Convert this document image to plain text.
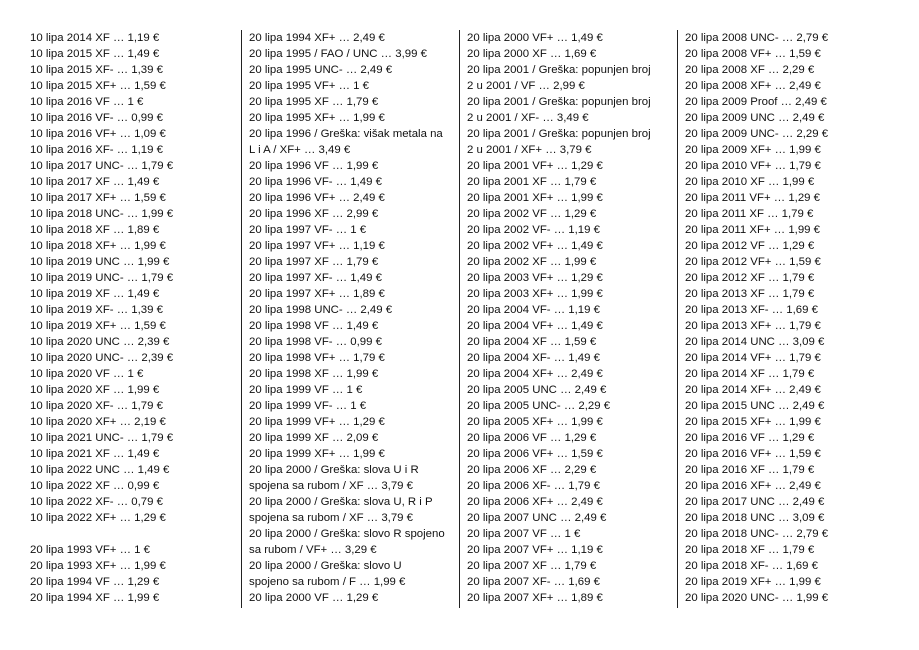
10 lipa 2014 XF … 1,19 €
10 lipa 2015 XF … 1,49 €
10 lipa 2015 XF- … 1,39 €
10 lipa 2015 XF+ … 1,59 €
10 lipa 2016 VF … 1 €
10 lipa 2016 VF- … 0,99 €
10 lipa 2016 VF+ … 1,09 €
10 lipa 2016 XF- … 1,19 €
10 lipa 2017 UNC- … 1,79 €
10 lipa 2017 XF … 1,49 €
10 lipa 2017 XF+ … 1,59 €
10 lipa 2018 UNC- … 1,99 €
10 lipa 2018 XF … 1,89 €
10 lipa 2018 XF+ … 1,99 €
10 lipa 2019 UNC … 1,99 €
10 lipa 2019 UNC- … 1,79 €
10 lipa 2019 XF … 1,49 €
10 lipa 2019 XF- … 1,39 €
10 lipa 2019 XF+ … 1,59 €
10 lipa 2020 UNC … 2,39 €
10 lipa 2020 UNC- … 2,39 €
10 lipa 2020 VF … 1 €
10 lipa 2020 XF … 1,99 €
10 lipa 2020 XF- … 1,79 €
10 lipa 2020 XF+ … 2,19 €
10 lipa 2021 UNC- … 1,79 €
10 lipa 2021 XF … 1,49 €
10 lipa 2022 UNC … 1,49 €
10 lipa 2022 XF … 0,99 €
10 lipa 2022 XF- … 0,79 €
10 lipa 2022 XF+ … 1,29 €
20 lipa 1993 VF+ … 1 €
20 lipa 1993 XF+ … 1,99 €
20 lipa 1994 VF … 1,29 €
20 lipa 1994 XF … 1,99 €
20 lipa 1994 XF+ … 2,49 €
20 lipa 1995 / FAO / UNC … 3,99 €
20 lipa 1995 UNC- … 2,49 €
20 lipa 1995 VF+ … 1 €
20 lipa 1995 XF … 1,79 €
20 lipa 1995 XF+ … 1,99 €
20 lipa 1996 / Greška: višak metala na
L i A / XF+ … 3,49 €
20 lipa 1996 VF … 1,99 €
20 lipa 1996 VF- … 1,49 €
20 lipa 1996 VF+ … 2,49 €
20 lipa 1996 XF … 2,99 €
20 lipa 1997 VF- … 1 €
20 lipa 1997 VF+ … 1,19 €
20 lipa 1997 XF … 1,79 €
20 lipa 1997 XF- … 1,49 €
20 lipa 1997 XF+ … 1,89 €
20 lipa 1998 UNC- … 2,49 €
20 lipa 1998 VF … 1,49 €
20 lipa 1998 VF- … 0,99 €
20 lipa 1998 VF+ … 1,79 €
20 lipa 1998 XF … 1,99 €
20 lipa 1999 VF … 1 €
20 lipa 1999 VF- … 1 €
20 lipa 1999 VF+ … 1,29 €
20 lipa 1999 XF … 2,09 €
20 lipa 1999 XF+ … 1,99 €
20 lipa 2000 / Greška: slova U i R
spojena sa rubom / XF … 3,79 €
20 lipa 2000 / Greška: slova U, R i P
spojena sa rubom / XF … 3,79 €
20 lipa 2000 / Greška: slovo R spojeno
sa rubom / VF+ … 3,29 €
20 lipa 2000 / Greška: slovo U
spojeno sa rubom / F … 1,99 €
20 lipa 2000 VF … 1,29 €
20 lipa 2000 VF+ … 1,49 €
20 lipa 2000 XF … 1,69 €
20 lipa 2001 / Greška: popunjen broj
2 u 2001 / VF … 2,99 €
20 lipa 2001 / Greška: popunjen broj
2 u 2001 / XF- … 3,49 €
20 lipa 2001 / Greška: popunjen broj
2 u 2001 / XF+ … 3,79 €
20 lipa 2001 VF+ … 1,29 €
20 lipa 2001 XF … 1,79 €
20 lipa 2001 XF+ … 1,99 €
20 lipa 2002 VF … 1,29 €
20 lipa 2002 VF- … 1,19 €
20 lipa 2002 VF+ … 1,49 €
20 lipa 2002 XF … 1,99 €
20 lipa 2003 VF+ … 1,29 €
20 lipa 2003 XF+ … 1,99 €
20 lipa 2004 VF- … 1,19 €
20 lipa 2004 VF+ … 1,49 €
20 lipa 2004 XF … 1,59 €
20 lipa 2004 XF- … 1,49 €
20 lipa 2004 XF+ … 2,49 €
20 lipa 2005 UNC … 2,49 €
20 lipa 2005 UNC- … 2,29 €
20 lipa 2005 XF+ … 1,99 €
20 lipa 2006 VF … 1,29 €
20 lipa 2006 VF+ … 1,59 €
20 lipa 2006 XF … 2,29 €
20 lipa 2006 XF- … 1,79 €
20 lipa 2006 XF+ … 2,49 €
20 lipa 2007 UNC … 2,49 €
20 lipa 2007 VF … 1 €
20 lipa 2007 VF+ … 1,19 €
20 lipa 2007 XF … 1,79 €
20 lipa 2007 XF- … 1,69 €
20 lipa 2007 XF+ … 1,89 €
20 lipa 2008 UNC- … 2,79 €
20 lipa 2008 VF+ … 1,59 €
20 lipa 2008 XF … 2,29 €
20 lipa 2008 XF+ … 2,49 €
20 lipa 2009 Proof … 2,49 €
20 lipa 2009 UNC … 2,49 €
20 lipa 2009 UNC- … 2,29 €
20 lipa 2009 XF+ … 1,99 €
20 lipa 2010 VF+ … 1,79 €
20 lipa 2010 XF … 1,99 €
20 lipa 2011 VF+ … 1,29 €
20 lipa 2011 XF … 1,79 €
20 lipa 2011 XF+ … 1,99 €
20 lipa 2012 VF … 1,29 €
20 lipa 2012 VF+ … 1,59 €
20 lipa 2012 XF … 1,79 €
20 lipa 2013 XF … 1,79 €
20 lipa 2013 XF- … 1,69 €
20 lipa 2013 XF+ … 1,79 €
20 lipa 2014 UNC … 3,09 €
20 lipa 2014 VF+ … 1,79 €
20 lipa 2014 XF … 1,79 €
20 lipa 2014 XF+ … 2,49 €
20 lipa 2015 UNC … 2,49 €
20 lipa 2015 XF+ … 1,99 €
20 lipa 2016 VF … 1,29 €
20 lipa 2016 VF+ … 1,59 €
20 lipa 2016 XF … 1,79 €
20 lipa 2016 XF+ … 2,49 €
20 lipa 2017 UNC … 2,49 €
20 lipa 2018 UNC … 3,09 €
20 lipa 2018 UNC- … 2,79 €
20 lipa 2018 XF … 1,79 €
20 lipa 2018 XF- … 1,69 €
20 lipa 2019 XF+ … 1,99 €
20 lipa 2020 UNC- … 1,99 €
